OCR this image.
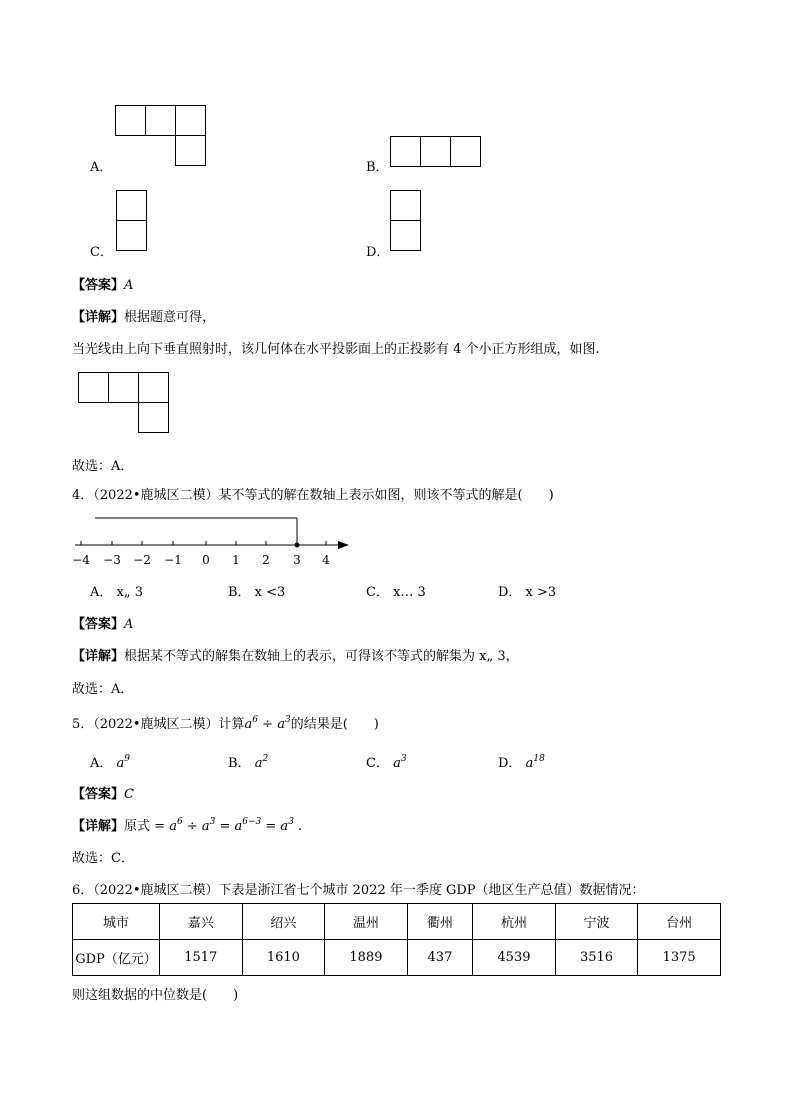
A．	B．
C．	D．
【答案】A
【详解】根据题意可得，
当光线由上向下垂直照射时，该几何体在水平投影面上的正投影有 4 个小正方形组成，如图.
故选：A．
4．（2022•鹿城区二模）某不等式的解在数轴上表示如图，则该不等式的解是(　　)
−4 −3 −2 −1 0 1 2 3 4
A． x„ 3	B． x <3	C． x… 3	D． x >3
【答案】A
【详解】根据某不等式的解集在数轴上的表示，可得该不等式的解集为 x„ 3，
故选：A．
5．（2022•鹿城区二模）计算$a^6 \div a^3$的结果是(　　)
A． $a^9$	B． $a^2$	C． $a^3$	D． $a^{18}$
【答案】C
【详解】原式 = $a^6 \div a^3 = a^{6-3} = a^3$ .
故选：C．
6．（2022•鹿城区二模）下表是浙江省七个城市 2022 年一季度 GDP（地区生产总值）数据情况：
城市	嘉兴	绍兴	温州	衢州	杭州	宁波	台州
GDP（亿元）	1517	1610	1889	437	4539	3516	1375
则这组数据的中位数是(　　)
